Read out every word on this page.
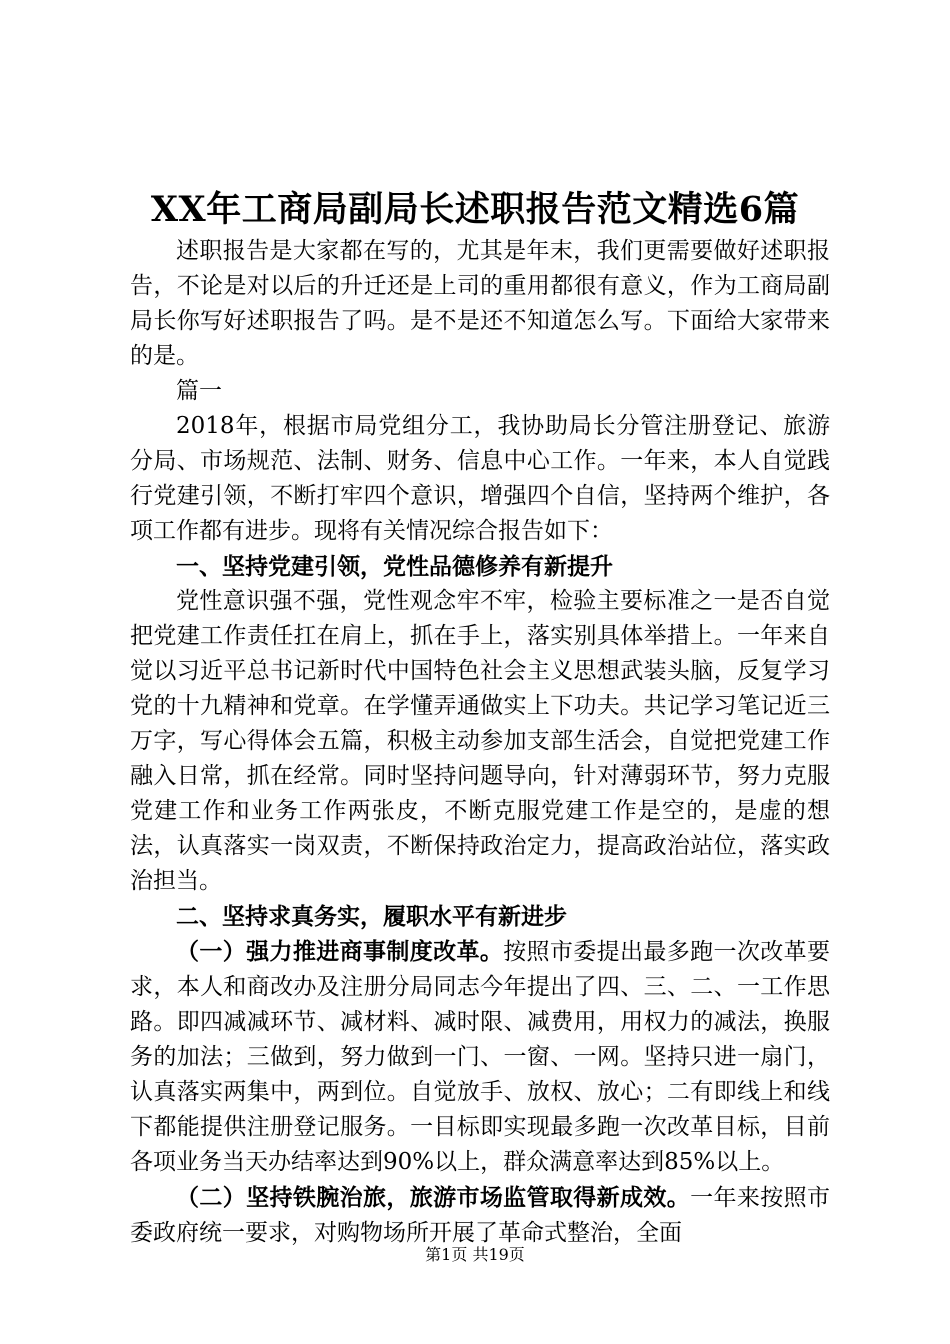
XX年工商局副局长述职报告范文精选6篇

述职报告是大家都在写的，尤其是年末，我们更需要做好述职报告，不论是对以后的升迁还是上司的重用都很有意义，作为工商局副局长你写好述职报告了吗。是不是还不知道怎么写。下面给大家带来的是。

篇一

2018年，根据市局党组分工，我协助局长分管注册登记、旅游分局、市场规范、法制、财务、信息中心工作。一年来，本人自觉践行党建引领，不断打牢四个意识，增强四个自信，坚持两个维护，各项工作都有进步。现将有关情况综合报告如下：

一、坚持党建引领，党性品德修养有新提升

党性意识强不强，党性观念牢不牢，检验主要标准之一是否自觉把党建工作责任扛在肩上，抓在手上，落实别具体举措上。一年来自觉以习近平总书记新时代中国特色社会主义思想武装头脑，反复学习党的十九精神和党章。在学懂弄通做实上下功夫。共记学习笔记近三万字，写心得体会五篇，积极主动参加支部生活会，自觉把党建工作融入日常，抓在经常。同时坚持问题导向，针对薄弱环节，努力克服党建工作和业务工作两张皮，不断克服党建工作是空的，是虚的想法，认真落实一岗双责，不断保持政治定力，提高政治站位，落实政治担当。

二、坚持求真务实，履职水平有新进步

（一）强力推进商事制度改革。按照市委提出最多跑一次改革要求，本人和商改办及注册分局同志今年提出了四、三、二、一工作思路。即四减减环节、减材料、减时限、减费用，用权力的减法，换服务的加法；三做到，努力做到一门、一窗、一网。坚持只进一扇门，认真落实两集中，两到位。自觉放手、放权、放心；二有即线上和线下都能提供注册登记服务。一目标即实现最多跑一次改革目标，目前各项业务当天办结率达到90%以上，群众满意率达到85%以上。

（二）坚持铁腕治旅，旅游市场监管取得新成效。一年来按照市委政府统一要求，对购物场所开展了革命式整治，全面

第1页 共19页
